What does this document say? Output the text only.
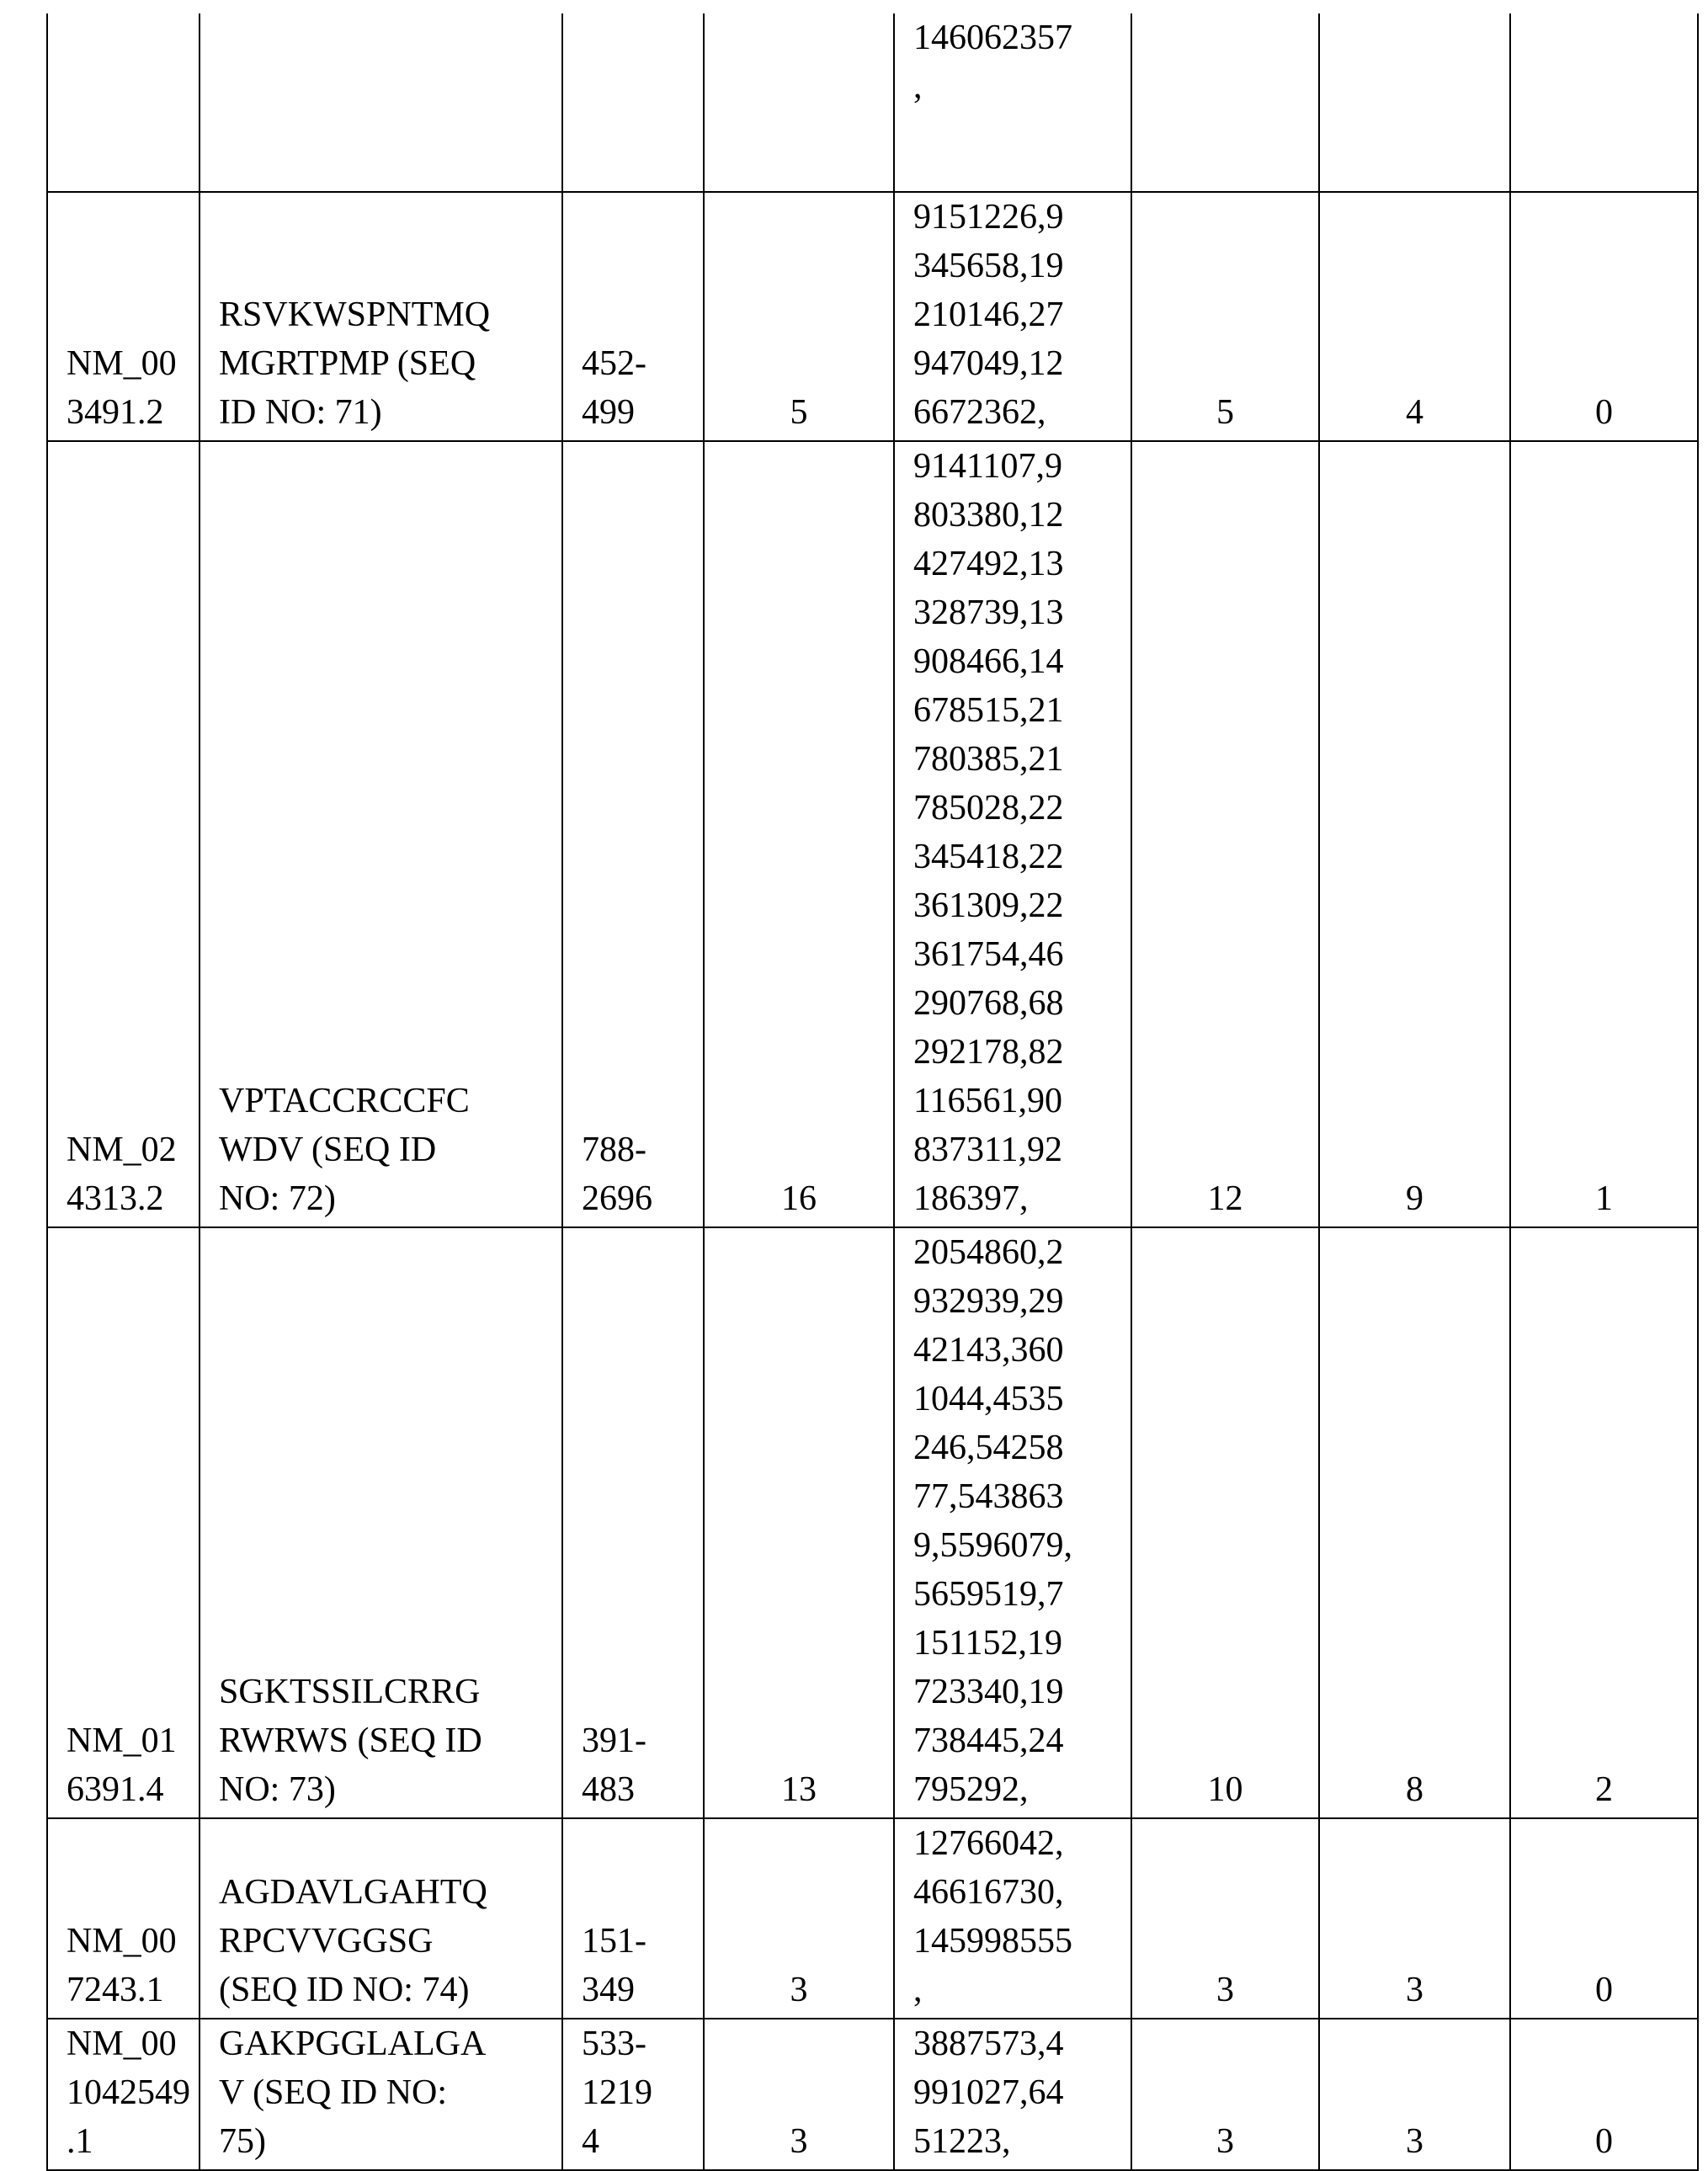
				146062357
,			
NM_00
3491.2	RSVKWSPNTMQ
MGRTPMP (SEQ
ID NO: 71)	452-
499	5	9151226,9
345658,19
210146,27
947049,12
6672362,	5	4	0
NM_02
4313.2	VPTACCRCCFC
WDV (SEQ ID
NO: 72)	788-
2696	16	9141107,9
803380,12
427492,13
328739,13
908466,14
678515,21
780385,21
785028,22
345418,22
361309,22
361754,46
290768,68
292178,82
116561,90
837311,92
186397,	12	9	1
NM_01
6391.4	SGKTSSILCRRG
RWRWS (SEQ ID
NO: 73)	391-
483	13	2054860,2
932939,29
42143,360
1044,4535
246,54258
77,543863
9,5596079,
5659519,7
151152,19
723340,19
738445,24
795292,	10	8	2
NM_00
7243.1	AGDAVLGAHTQ
RPCVVGGSG
(SEQ ID NO: 74)	151-
349	3	12766042,
46616730,
145998555
,	3	3	0
NM_00
1042549
.1	GAKPGGLALGA
V (SEQ ID NO:
75)	533-
1219
4	3	3887573,4
991027,64
51223,	3	3	0
